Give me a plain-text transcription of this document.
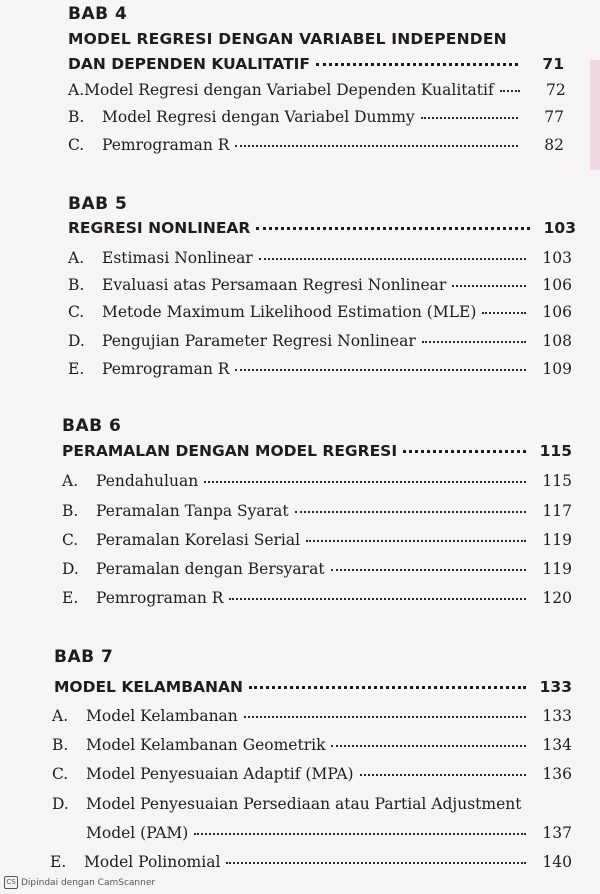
BAB 4
MODEL REGRESI DENGAN VARIABEL INDEPENDEN
DAN DEPENDEN KUALITATIF	71
A. Model Regresi dengan Variabel Dependen Kualitatif	72
B.	Model Regresi dengan Variabel Dummy	77
C.	Pemrograman R	82
BAB 5
REGRESI NONLINEAR	103
A.	Estimasi Nonlinear	103
B.	Evaluasi atas Persamaan Regresi Nonlinear	106
C.	Metode Maximum Likelihood Estimation (MLE)	106
D.	Pengujian Parameter Regresi Nonlinear	108
E.	Pemrograman R	109
BAB 6
PERAMALAN DENGAN MODEL REGRESI	115
A.	Pendahuluan	115
B.	Peramalan Tanpa Syarat	117
C.	Peramalan Korelasi Serial	119
D.	Peramalan dengan Bersyarat	119
E.	Pemrograman R	120
BAB 7
MODEL KELAMBANAN	133
A.	Model Kelambanan	133
B.	Model Kelambanan Geometrik	134
C.	Model Penyesuaian Adaptif (MPA)	136
D.	Model Penyesuaian Persediaan atau Partial Adjustment
Model (PAM)	137
E.	Model Polinomial	140
CS Dipindai dengan CamScanner
